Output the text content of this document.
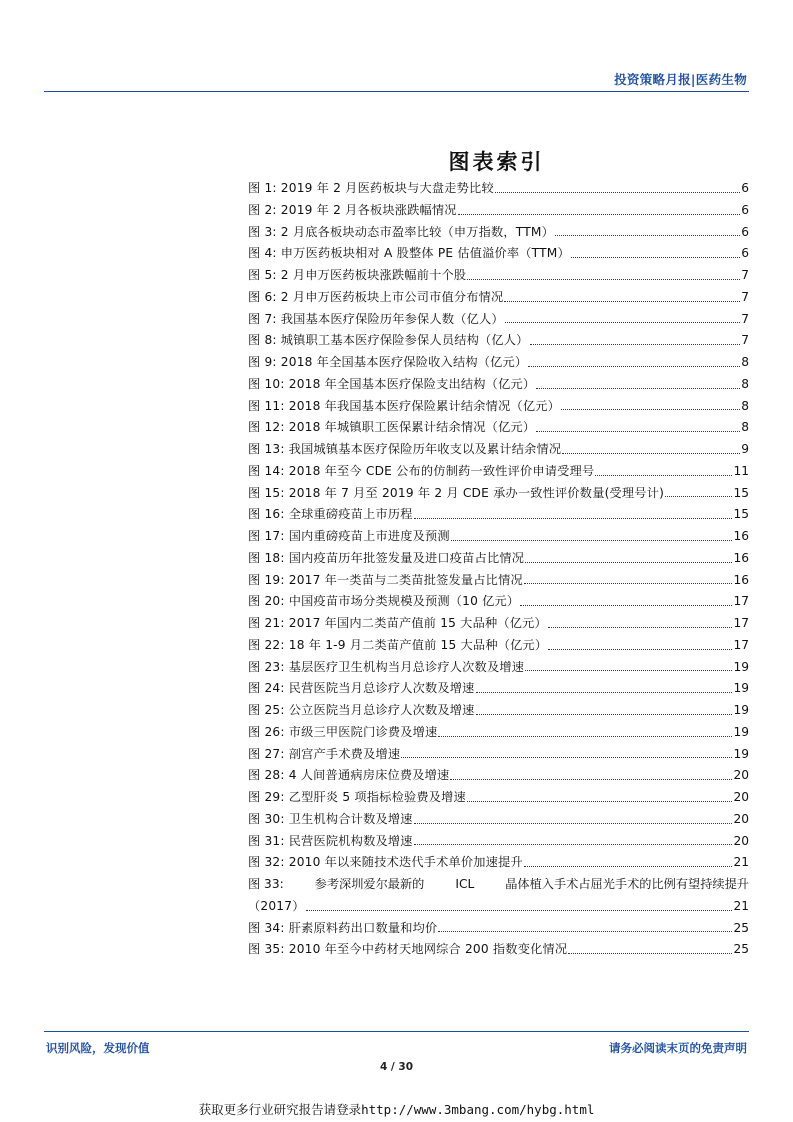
投资策略月报|医药生物
图表索引
图 1: 2019 年 2 月医药板块与大盘走势比较	6
图 2: 2019 年 2 月各板块涨跌幅情况	6
图 3: 2 月底各板块动态市盈率比较（申万指数，TTM）	6
图 4: 申万医药板块相对 A 股整体 PE 估值溢价率（TTM）	6
图 5: 2 月申万医药板块涨跌幅前十个股	7
图 6: 2 月申万医药板块上市公司市值分布情况	7
图 7: 我国基本医疗保险历年参保人数（亿人）	7
图 8: 城镇职工基本医疗保险参保人员结构（亿人）	7
图 9: 2018 年全国基本医疗保险收入结构（亿元）	8
图 10: 2018 年全国基本医疗保险支出结构（亿元）	8
图 11: 2018 年我国基本医疗保险累计结余情况（亿元）	8
图 12: 2018 年城镇职工医保累计结余情况（亿元）	8
图 13: 我国城镇基本医疗保险历年收支以及累计结余情况	9
图 14: 2018 年至今 CDE 公布的仿制药一致性评价申请受理号	11
图 15: 2018 年 7 月至 2019 年 2 月 CDE 承办一致性评价数量(受理号计)	15
图 16: 全球重磅疫苗上市历程	15
图 17: 国内重磅疫苗上市进度及预测	16
图 18: 国内疫苗历年批签发量及进口疫苗占比情况	16
图 19: 2017 年一类苗与二类苗批签发量占比情况	16
图 20: 中国疫苗市场分类规模及预测（10 亿元）	17
图 21: 2017 年国内二类苗产值前 15 大品种（亿元）	17
图 22: 18 年 1-9 月二类苗产值前 15 大品种（亿元）	17
图 23: 基层医疗卫生机构当月总诊疗人次数及增速	19
图 24: 民营医院当月总诊疗人次数及增速	19
图 25: 公立医院当月总诊疗人次数及增速	19
图 26: 市级三甲医院门诊费及增速	19
图 27: 剖宫产手术费及增速	19
图 28: 4 人间普通病房床位费及增速	20
图 29: 乙型肝炎 5 项指标检验费及增速	20
图 30: 卫生机构合计数及增速	20
图 31: 民营医院机构数及增速	20
图 32: 2010 年以来随技术迭代手术单价加速提升	21
图 33:	参考深圳爱尔最新的	ICL	晶体植入手术占屈光手术的比例有望持续提升
（2017）	21
图 34: 肝素原料药出口数量和均价	25
图 35: 2010 年至今中药材天地网综合 200 指数变化情况	25
识别风险，发现价值	请务必阅读末页的免责声明
4 / 30
获取更多行业研究报告请登录http://www.3mbang.com/hybg.html
